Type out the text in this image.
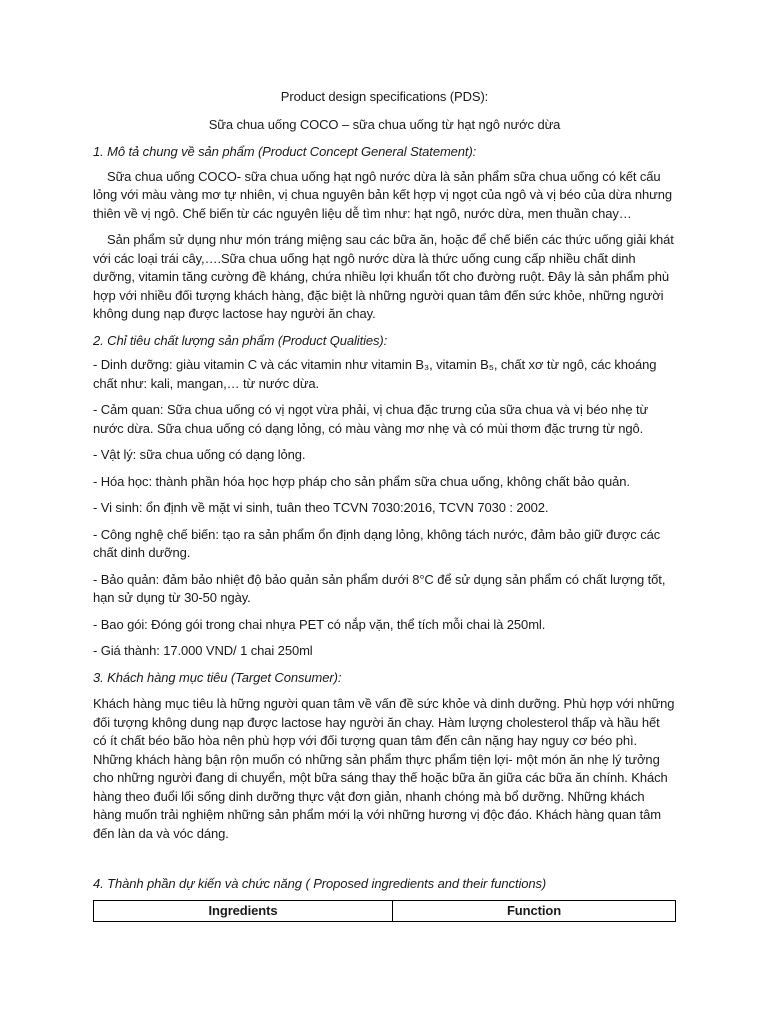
Product design specifications (PDS):
Sữa chua uống COCO – sữa chua uống từ hạt ngô nước dừa
1. Mô tả chung về sản phẩm (Product Concept General Statement):

Sữa chua uống COCO- sữa chua uống hạt ngô nước dừa là sản phẩm sữa chua uống có kết cấu lỏng với màu vàng mơ tự nhiên, vị chua nguyên bản kết hợp vị ngọt của ngô và vị béo của dừa nhưng thiên về vị ngô. Chế biến từ các nguyên liệu dễ tìm như: hạt ngô, nước dừa, men thuần chay…

Sản phẩm sử dụng như món tráng miệng sau các bữa ăn, hoặc để chế biến các thức uống giải khát với các loại trái cây,….Sữa chua uống hạt ngô nước dừa là thức uống cung cấp nhiều chất dinh dưỡng, vitamin tăng cường đề kháng, chứa nhiều lợi khuẩn tốt cho đường ruột. Đây là sản phẩm phù hợp với nhiều đối tượng khách hàng, đặc biệt là những người quan tâm đến sức khỏe, những người không dung nạp được lactose hay người ăn chay.

2. Chỉ tiêu chất lượng sản phẩm (Product Qualities):
- Dinh dưỡng: giàu vitamin C và các vitamin như vitamin B₃, vitamin B₅, chất xơ từ ngô, các khoáng chất như: kali, mangan,… từ nước dừa.
- Cảm quan: Sữa chua uống có vị ngọt vừa phải, vị chua đặc trưng của sữa chua và vị béo nhẹ từ nước dừa. Sữa chua uống có dạng lỏng, có màu vàng mơ nhẹ và có mùi thơm đặc trưng từ ngô.
- Vật lý: sữa chua uống có dạng lỏng.
- Hóa học: thành phần hóa học hợp pháp cho sản phẩm sữa chua uống, không chất bảo quản.
- Vi sinh: ổn định về mặt vi sinh, tuân theo TCVN 7030:2016, TCVN 7030 : 2002.
- Công nghệ chế biến: tạo ra sản phẩm ổn định dạng lỏng, không tách nước, đảm bảo giữ được các chất dinh dưỡng.
- Bảo quản: đảm bảo nhiệt độ bảo quản sản phẩm dưới 8°C để sử dụng sản phẩm có chất lượng tốt, hạn sử dụng từ 30-50 ngày.
- Bao gói: Đóng gói trong chai nhựa PET có nắp vặn, thể tích mỗi chai là 250ml.
- Giá thành: 17.000 VND/ 1 chai 250ml
3. Khách hàng mục tiêu (Target Consumer):

Khách hàng mục tiêu là hững người quan tâm về vấn đề sức khỏe và dinh dưỡng. Phù hợp với những đối tượng không dung nạp được lactose hay người ăn chay. Hàm lượng cholesterol thấp và hầu hết có ít chất béo bão hòa nên phù hợp với đối tượng quan tâm đến cân nặng hay nguy cơ béo phì. Những khách hàng bận rộn muốn có những sản phẩm thực phẩm tiện lợi- một món ăn nhẹ lý tưởng cho những người đang di chuyển, một bữa sáng thay thế hoặc bữa ăn giữa các bữa ăn chính. Khách hàng theo đuổi lối sống dinh dưỡng thực vật đơn giản, nhanh chóng mà bổ dưỡng. Những khách hàng muốn trải nghiệm những sản phẩm mới lạ với những hương vị độc đáo. Khách hàng quan tâm đến làn da và vóc dáng.

4. Thành phần dự kiến và chức năng ( Proposed ingredients and their functions)
Ingredients	Function
